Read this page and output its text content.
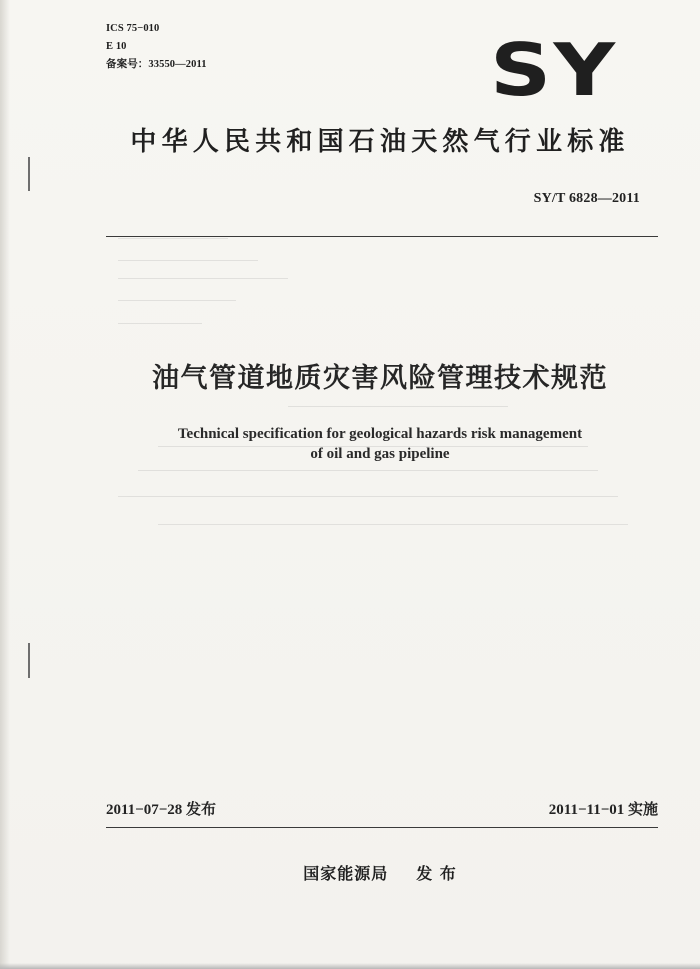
ICS 75−010
E 10
备案号：33550—2011	SY
中华人民共和国石油天然气行业标准
SY/T 6828—2011
油气管道地质灾害风险管理技术规范
Technical specification for geological hazards risk management
of oil and gas pipeline
2011−07−28 发布	2011−11−01 实施
国家能源局 发 布
